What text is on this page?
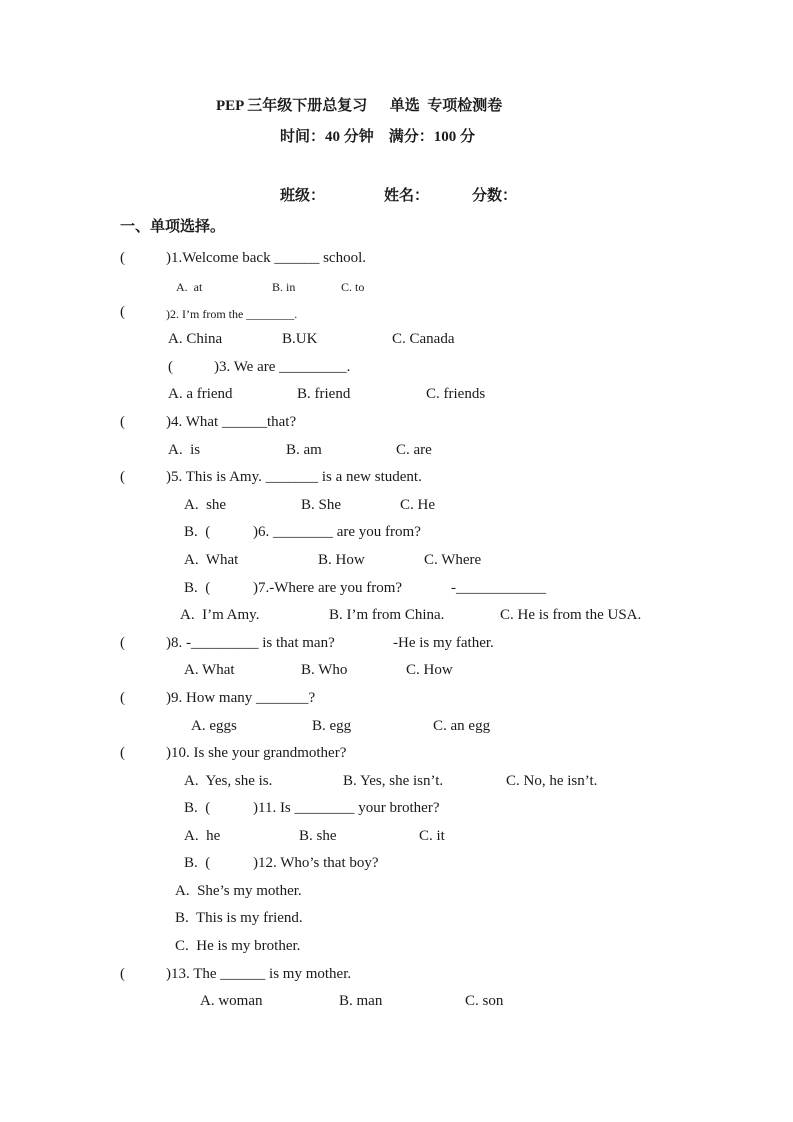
PEP 三年级下册总复习      单选  专项检测卷
时间：40 分钟    满分：100 分
班级：	姓名：	分数：
一、单项选择。
(	)1.Welcome back ______ school.
A.  at	B. in	C. to
(	)2. I’m from the ________.
A. China	B.UK	C. Canada
(	)3. We are _________.
A. a friend	B. friend	C. friends
(	)4. What ______that?
A.  is	B. am	C. are
(	)5. This is Amy. _______ is a new student.
A.  she	B. She	C. He
B.  (	)6. ________ are you from?
A.  What	B. How	C. Where
B.  (	)7.-Where are you from?	-____________
A.  I’m Amy.	B. I’m from China.	C. He is from the USA.
(	)8. -_________ is that man?	-He is my father.
A. What	B. Who	C. How
(	)9. How many _______?
A. eggs	B. egg	C. an egg
(	)10. Is she your grandmother?
A.  Yes, she is.	B. Yes, she isn’t.	C. No, he isn’t.
B.  (	)11. Is ________ your brother?
A.  he	B. she	C. it
B.  (	)12. Who’s that boy?
A.  She’s my mother.
B.  This is my friend.
C.  He is my brother.
(	)13. The ______ is my mother.
A. woman	B. man	C. son
